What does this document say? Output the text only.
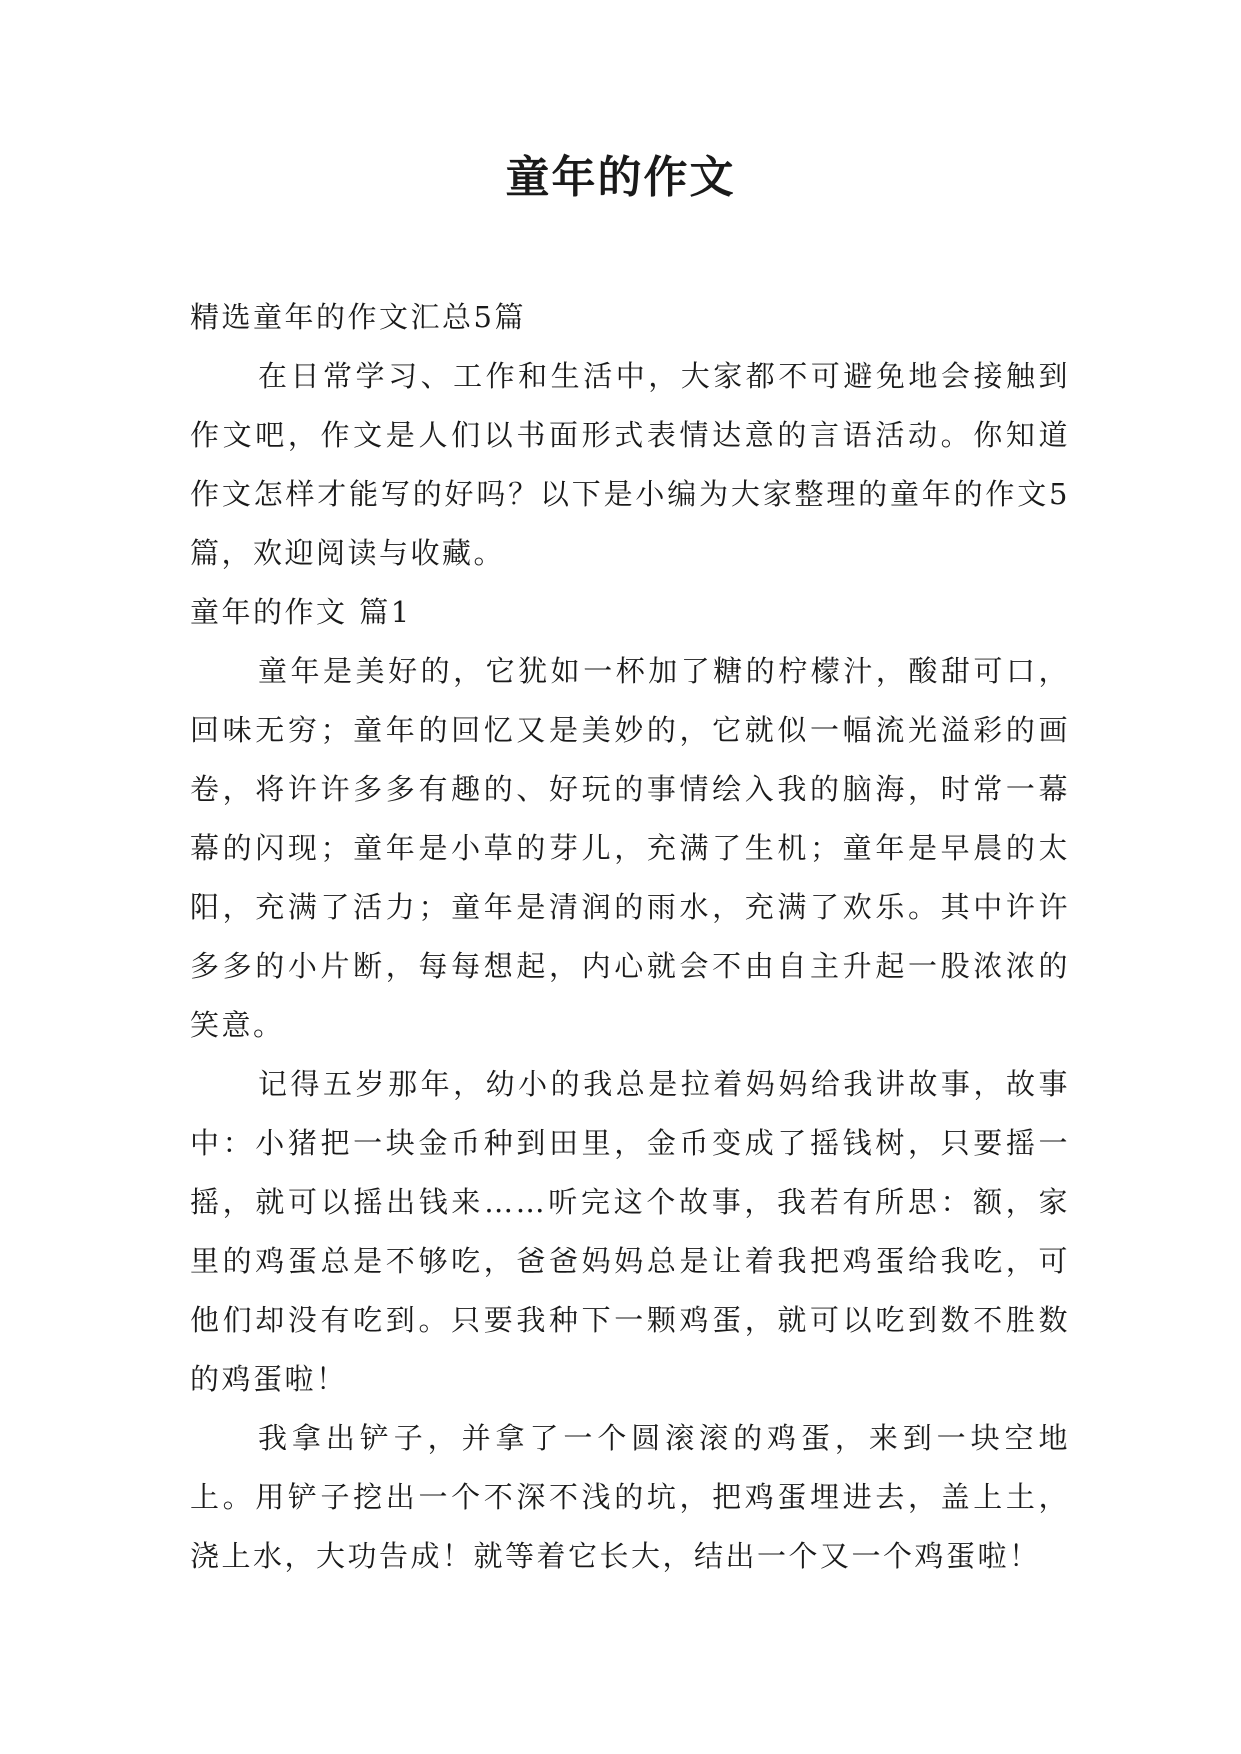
童年的作文

精选童年的作文汇总5篇

在日常学习、工作和生活中，大家都不可避免地会接触到作文吧，作文是人们以书面形式表情达意的言语活动。你知道作文怎样才能写的好吗？以下是小编为大家整理的童年的作文5篇，欢迎阅读与收藏。

童年的作文 篇1

童年是美好的，它犹如一杯加了糖的柠檬汁，酸甜可口，回味无穷；童年的回忆又是美妙的，它就似一幅流光溢彩的画卷，将许许多多有趣的、好玩的事情绘入我的脑海，时常一幕幕的闪现；童年是小草的芽儿，充满了生机；童年是早晨的太阳，充满了活力；童年是清润的雨水，充满了欢乐。其中许许多多的小片断，每每想起，内心就会不由自主升起一股浓浓的笑意。

记得五岁那年，幼小的我总是拉着妈妈给我讲故事，故事中：小猪把一块金币种到田里，金币变成了摇钱树，只要摇一摇，就可以摇出钱来……听完这个故事，我若有所思：额，家里的鸡蛋总是不够吃，爸爸妈妈总是让着我把鸡蛋给我吃，可他们却没有吃到。只要我种下一颗鸡蛋，就可以吃到数不胜数的鸡蛋啦！

我拿出铲子，并拿了一个圆滚滚的鸡蛋，来到一块空地上。用铲子挖出一个不深不浅的坑，把鸡蛋埋进去，盖上土，浇上水，大功告成！就等着它长大，结出一个又一个鸡蛋啦！
